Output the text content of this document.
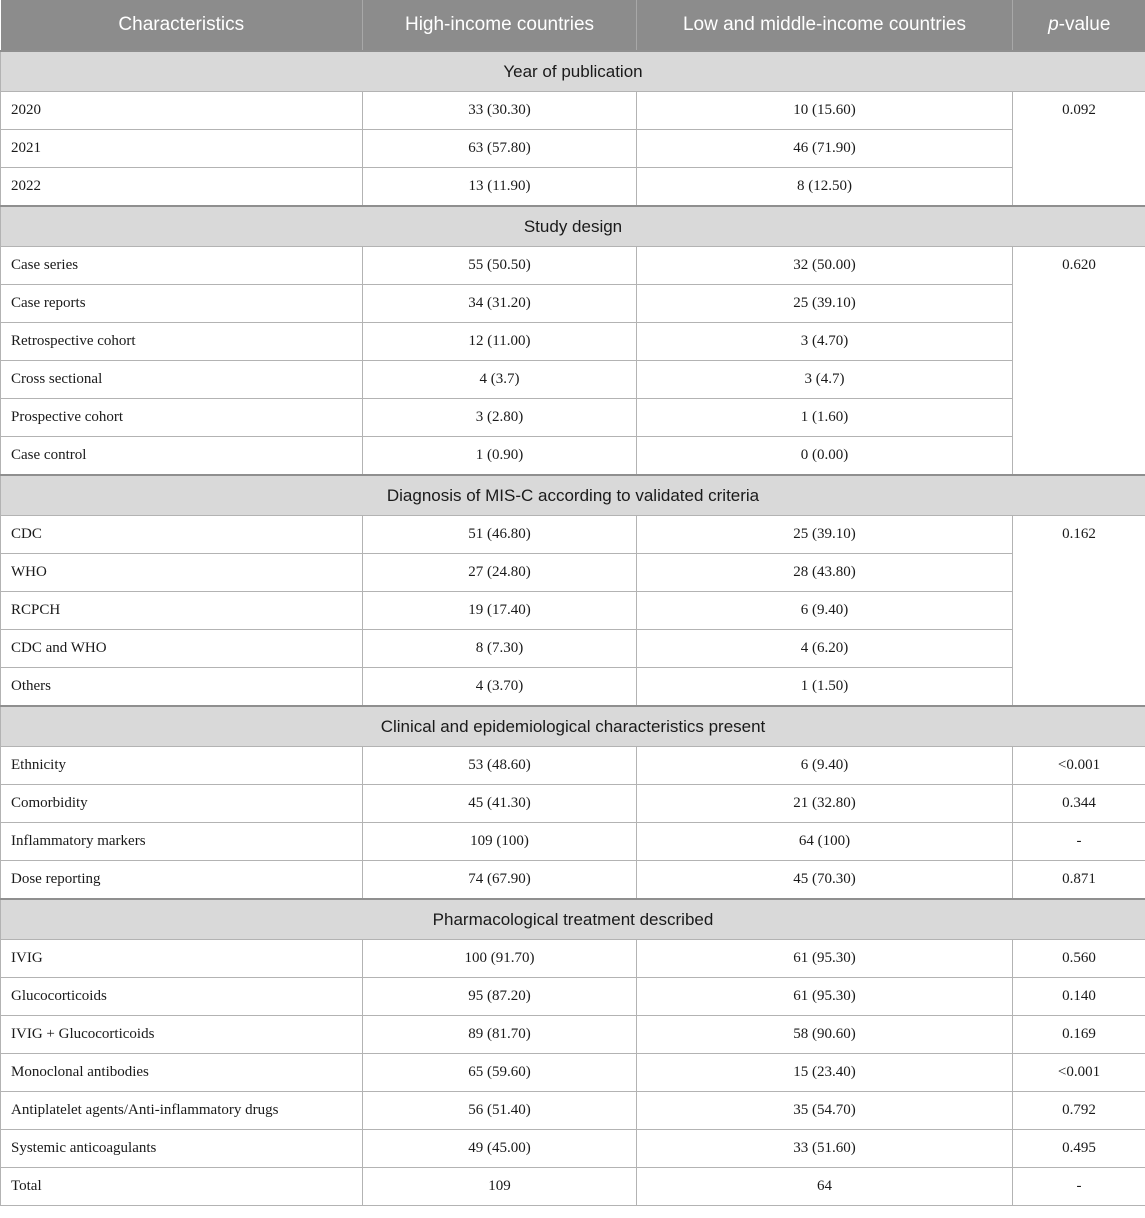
Characteristics	High-income countries	Low and middle-income countries	p-value
Year of publication			
2020	33 (30.30)	10 (15.60)	0.092
2021	63 (57.80)	46 (71.90)	
2022	13 (11.90)	8 (12.50)	
Study design			
Case series	55 (50.50)	32 (50.00)	0.620
Case reports	34 (31.20)	25 (39.10)	
Retrospective cohort	12 (11.00)	3 (4.70)	
Cross sectional	4 (3.7)	3 (4.7)	
Prospective cohort	3 (2.80)	1 (1.60)	
Case control	1 (0.90)	0 (0.00)	
Diagnosis of MIS-C according to validated criteria			
CDC	51 (46.80)	25 (39.10)	0.162
WHO	27 (24.80)	28 (43.80)	
RCPCH	19 (17.40)	6 (9.40)	
CDC and WHO	8 (7.30)	4 (6.20)	
Others	4 (3.70)	1 (1.50)	
Clinical and epidemiological characteristics present			
Ethnicity	53 (48.60)	6 (9.40)	<0.001
Comorbidity	45 (41.30)	21 (32.80)	0.344
Inflammatory markers	109 (100)	64 (100)	-
Dose reporting	74 (67.90)	45 (70.30)	0.871
Pharmacological treatment described			
IVIG	100 (91.70)	61 (95.30)	0.560
Glucocorticoids	95 (87.20)	61 (95.30)	0.140
IVIG + Glucocorticoids	89 (81.70)	58 (90.60)	0.169
Monoclonal antibodies	65 (59.60)	15 (23.40)	<0.001
Antiplatelet agents/Anti-inflammatory drugs	56 (51.40)	35 (54.70)	0.792
Systemic anticoagulants	49 (45.00)	33 (51.60)	0.495
Total	109	64	-
